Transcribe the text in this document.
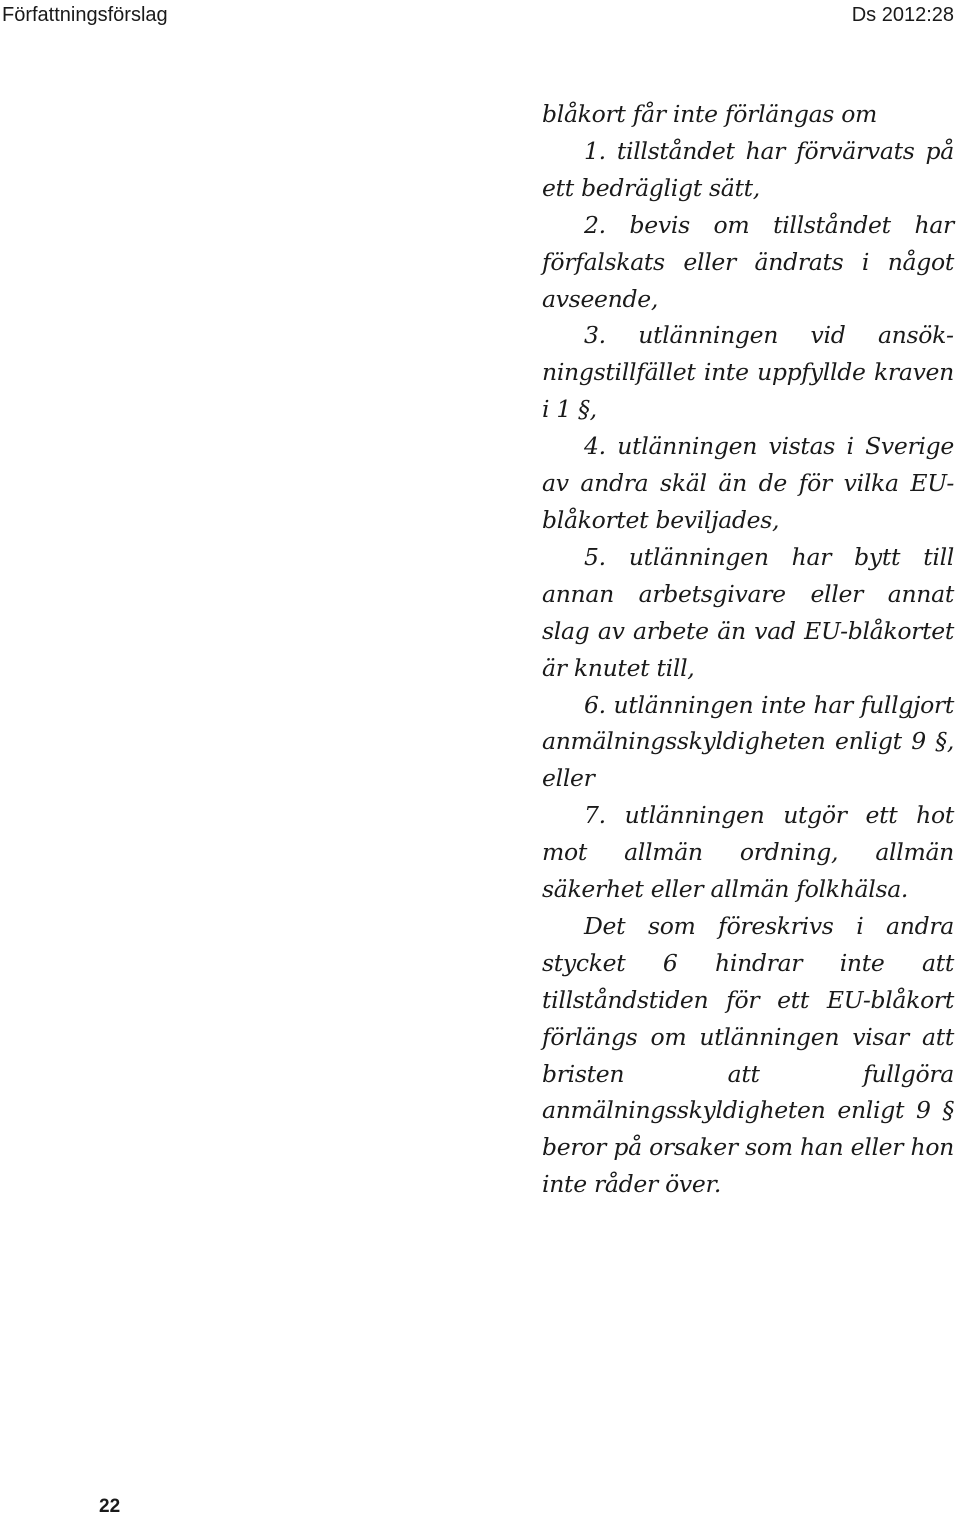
Författningsförslag	Ds 2012:28

blåkort får inte förlängas om

1. tillståndet har förvärvats på ett bedrägligt sätt,

2. bevis om tillståndet har förfalskats eller ändrats i något avseende,

3. utlänningen vid ansökningstillfället inte uppfyllde kraven i 1 §,

4. utlänningen vistas i Sverige av andra skäl än de för vilka EU-blåkortet beviljades,

5. utlänningen har bytt till annan arbetsgivare eller annat slag av arbete än vad EU-blåkortet är knutet till,

6. utlänningen inte har fullgjort anmälningsskyldigheten enligt 9 §, eller

7. utlänningen utgör ett hot mot allmän ordning, allmän säkerhet eller allmän folkhälsa.

Det som föreskrivs i andra stycket 6 hindrar inte att tillståndstiden för ett EU-blåkort förlängs om utlänningen visar att bristen att fullgöra anmälningsskyldigheten enligt 9 § beror på orsaker som han eller hon inte råder över.

22
